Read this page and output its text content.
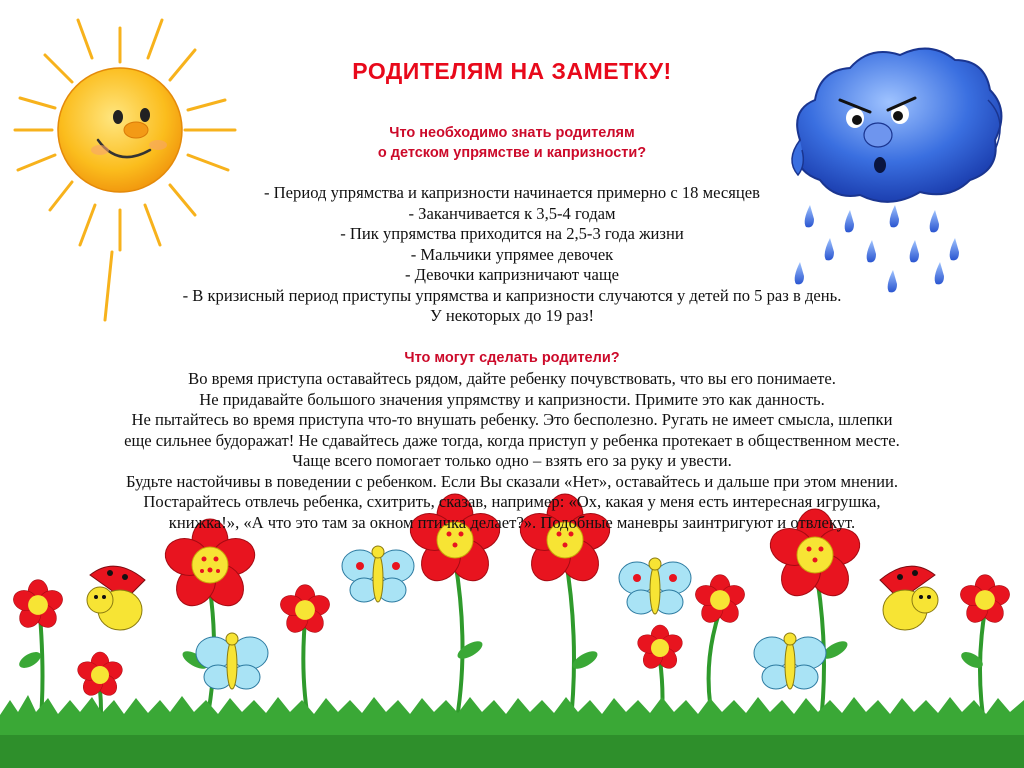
РОДИТЕЛЯМ НА ЗАМЕТКУ!
Что необходимо знать родителям
о детском упрямстве и капризности?
- Период упрямства и капризности начинается примерно с 18 месяцев
- Заканчивается к 3,5-4 годам
- Пик упрямства приходится на 2,5-3 года жизни
- Мальчики упрямее девочек
- Девочки капризничают чаще
- В кризисный период приступы упрямства и капризности случаются у детей по 5 раз в день.
У некоторых до 19 раз!
Что могут сделать родители?
Во время приступа оставайтесь рядом, дайте ребенку почувствовать, что вы его понимаете.
Не придавайте большого значения упрямству и капризности. Примите это как данность.
Не пытайтесь во время приступа что-то внушать ребенку. Это бесполезно. Ругать не имеет смысла, шлепки
еще сильнее будоражат! Не сдавайтесь даже тогда, когда приступ у ребенка протекает в общественном месте.
Чаще всего помогает только одно – взять его за руку и увести.
Будьте настойчивы в поведении с ребенком. Если Вы сказали «Нет», оставайтесь и дальше при этом мнении.
Постарайтесь отвлечь ребенка, схитрить, сказав, например: «Ох, какая у меня есть интересная игрушка,
книжка!», «А что это там за окном птичка делает?». Подобные маневры заинтригуют и отвлекут.
